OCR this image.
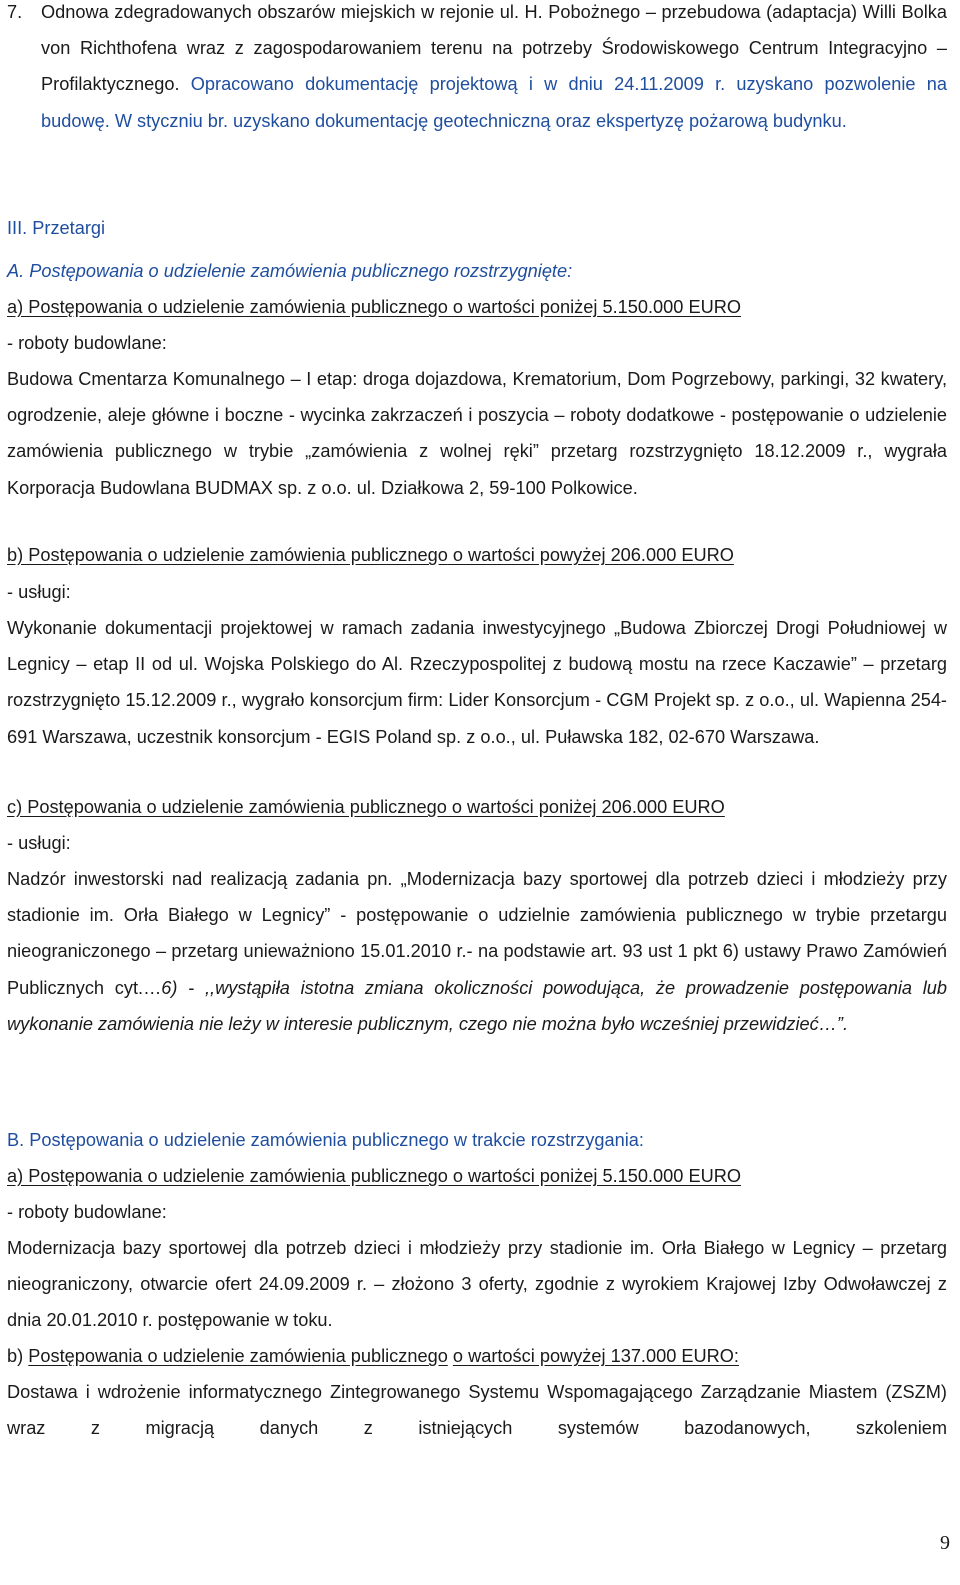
7.	Odnowa zdegradowanych obszarów miejskich w rejonie ul. H. Pobożnego – przebudowa (adaptacja) Willi Bolka von Richthofena wraz z zagospodarowaniem terenu na potrzeby Środowiskowego Centrum Integracyjno – Profilaktycznego. Opracowano dokumentację projektową i w dniu 24.11.2009 r. uzyskano pozwolenie na budowę. W styczniu br. uzyskano dokumentację geotechniczną oraz ekspertyzę pożarową budynku.
III. Przetargi
A. Postępowania o udzielenie zamówienia publicznego rozstrzygnięte:
a) Postępowania o udzielenie zamówienia publicznego o wartości poniżej 5.150.000 EURO
- roboty budowlane:
Budowa Cmentarza Komunalnego – I etap: droga dojazdowa, Krematorium, Dom Pogrzebowy, parkingi, 32 kwatery, ogrodzenie, aleje główne i boczne - wycinka zakrzaczeń i poszycia – roboty dodatkowe - postępowanie o udzielenie zamówienia publicznego w trybie „zamówienia z wolnej ręki” przetarg rozstrzygnięto 18.12.2009 r., wygrała Korporacja Budowlana BUDMAX sp. z o.o. ul. Działkowa 2, 59-100 Polkowice.
b) Postępowania o udzielenie zamówienia publicznego o wartości powyżej 206.000 EURO
- usługi:
Wykonanie dokumentacji projektowej w ramach zadania inwestycyjnego „Budowa Zbiorczej Drogi Południowej w Legnicy – etap II od ul. Wojska Polskiego do Al. Rzeczypospolitej z budową mostu na rzece Kaczawie” – przetarg rozstrzygnięto 15.12.2009 r., wygrało konsorcjum firm: Lider Konsorcjum - CGM Projekt sp. z o.o., ul. Wapienna 254-691 Warszawa, uczestnik konsorcjum - EGIS Poland sp. z o.o., ul. Puławska 182, 02-670 Warszawa.
c) Postępowania o udzielenie zamówienia publicznego o wartości poniżej 206.000 EURO
- usługi:
Nadzór inwestorski nad realizacją zadania pn. „Modernizacja bazy sportowej dla potrzeb dzieci i młodzieży przy stadionie im. Orła Białego w Legnicy” - postępowanie o udzielnie zamówienia publicznego w trybie przetargu nieograniczonego – przetarg unieważniono 15.01.2010 r.- na podstawie art. 93 ust 1 pkt 6) ustawy Prawo Zamówień Publicznych cyt.…6) - ,,wystąpiła istotna zmiana okoliczności powodująca, że prowadzenie postępowania lub wykonanie zamówienia nie leży w interesie publicznym, czego nie można było wcześniej przewidzieć…”.
B. Postępowania o udzielenie zamówienia publicznego w trakcie rozstrzygania:
a) Postępowania o udzielenie zamówienia publicznego o wartości poniżej 5.150.000 EURO
- roboty budowlane:
Modernizacja bazy sportowej dla potrzeb dzieci i młodzieży przy stadionie im. Orła Białego w Legnicy – przetarg nieograniczony, otwarcie ofert 24.09.2009 r. – złożono 3 oferty, zgodnie z wyrokiem Krajowej Izby Odwoławczej z dnia 20.01.2010 r. postępowanie w toku.
b) Postępowania o udzielenie zamówienia publicznego o wartości powyżej 137.000 EURO:
Dostawa i wdrożenie informatycznego Zintegrowanego Systemu Wspomagającego Zarządzanie Miastem (ZSZM) wraz z migracją danych z istniejących systemów bazodanowych, szkoleniem
9
